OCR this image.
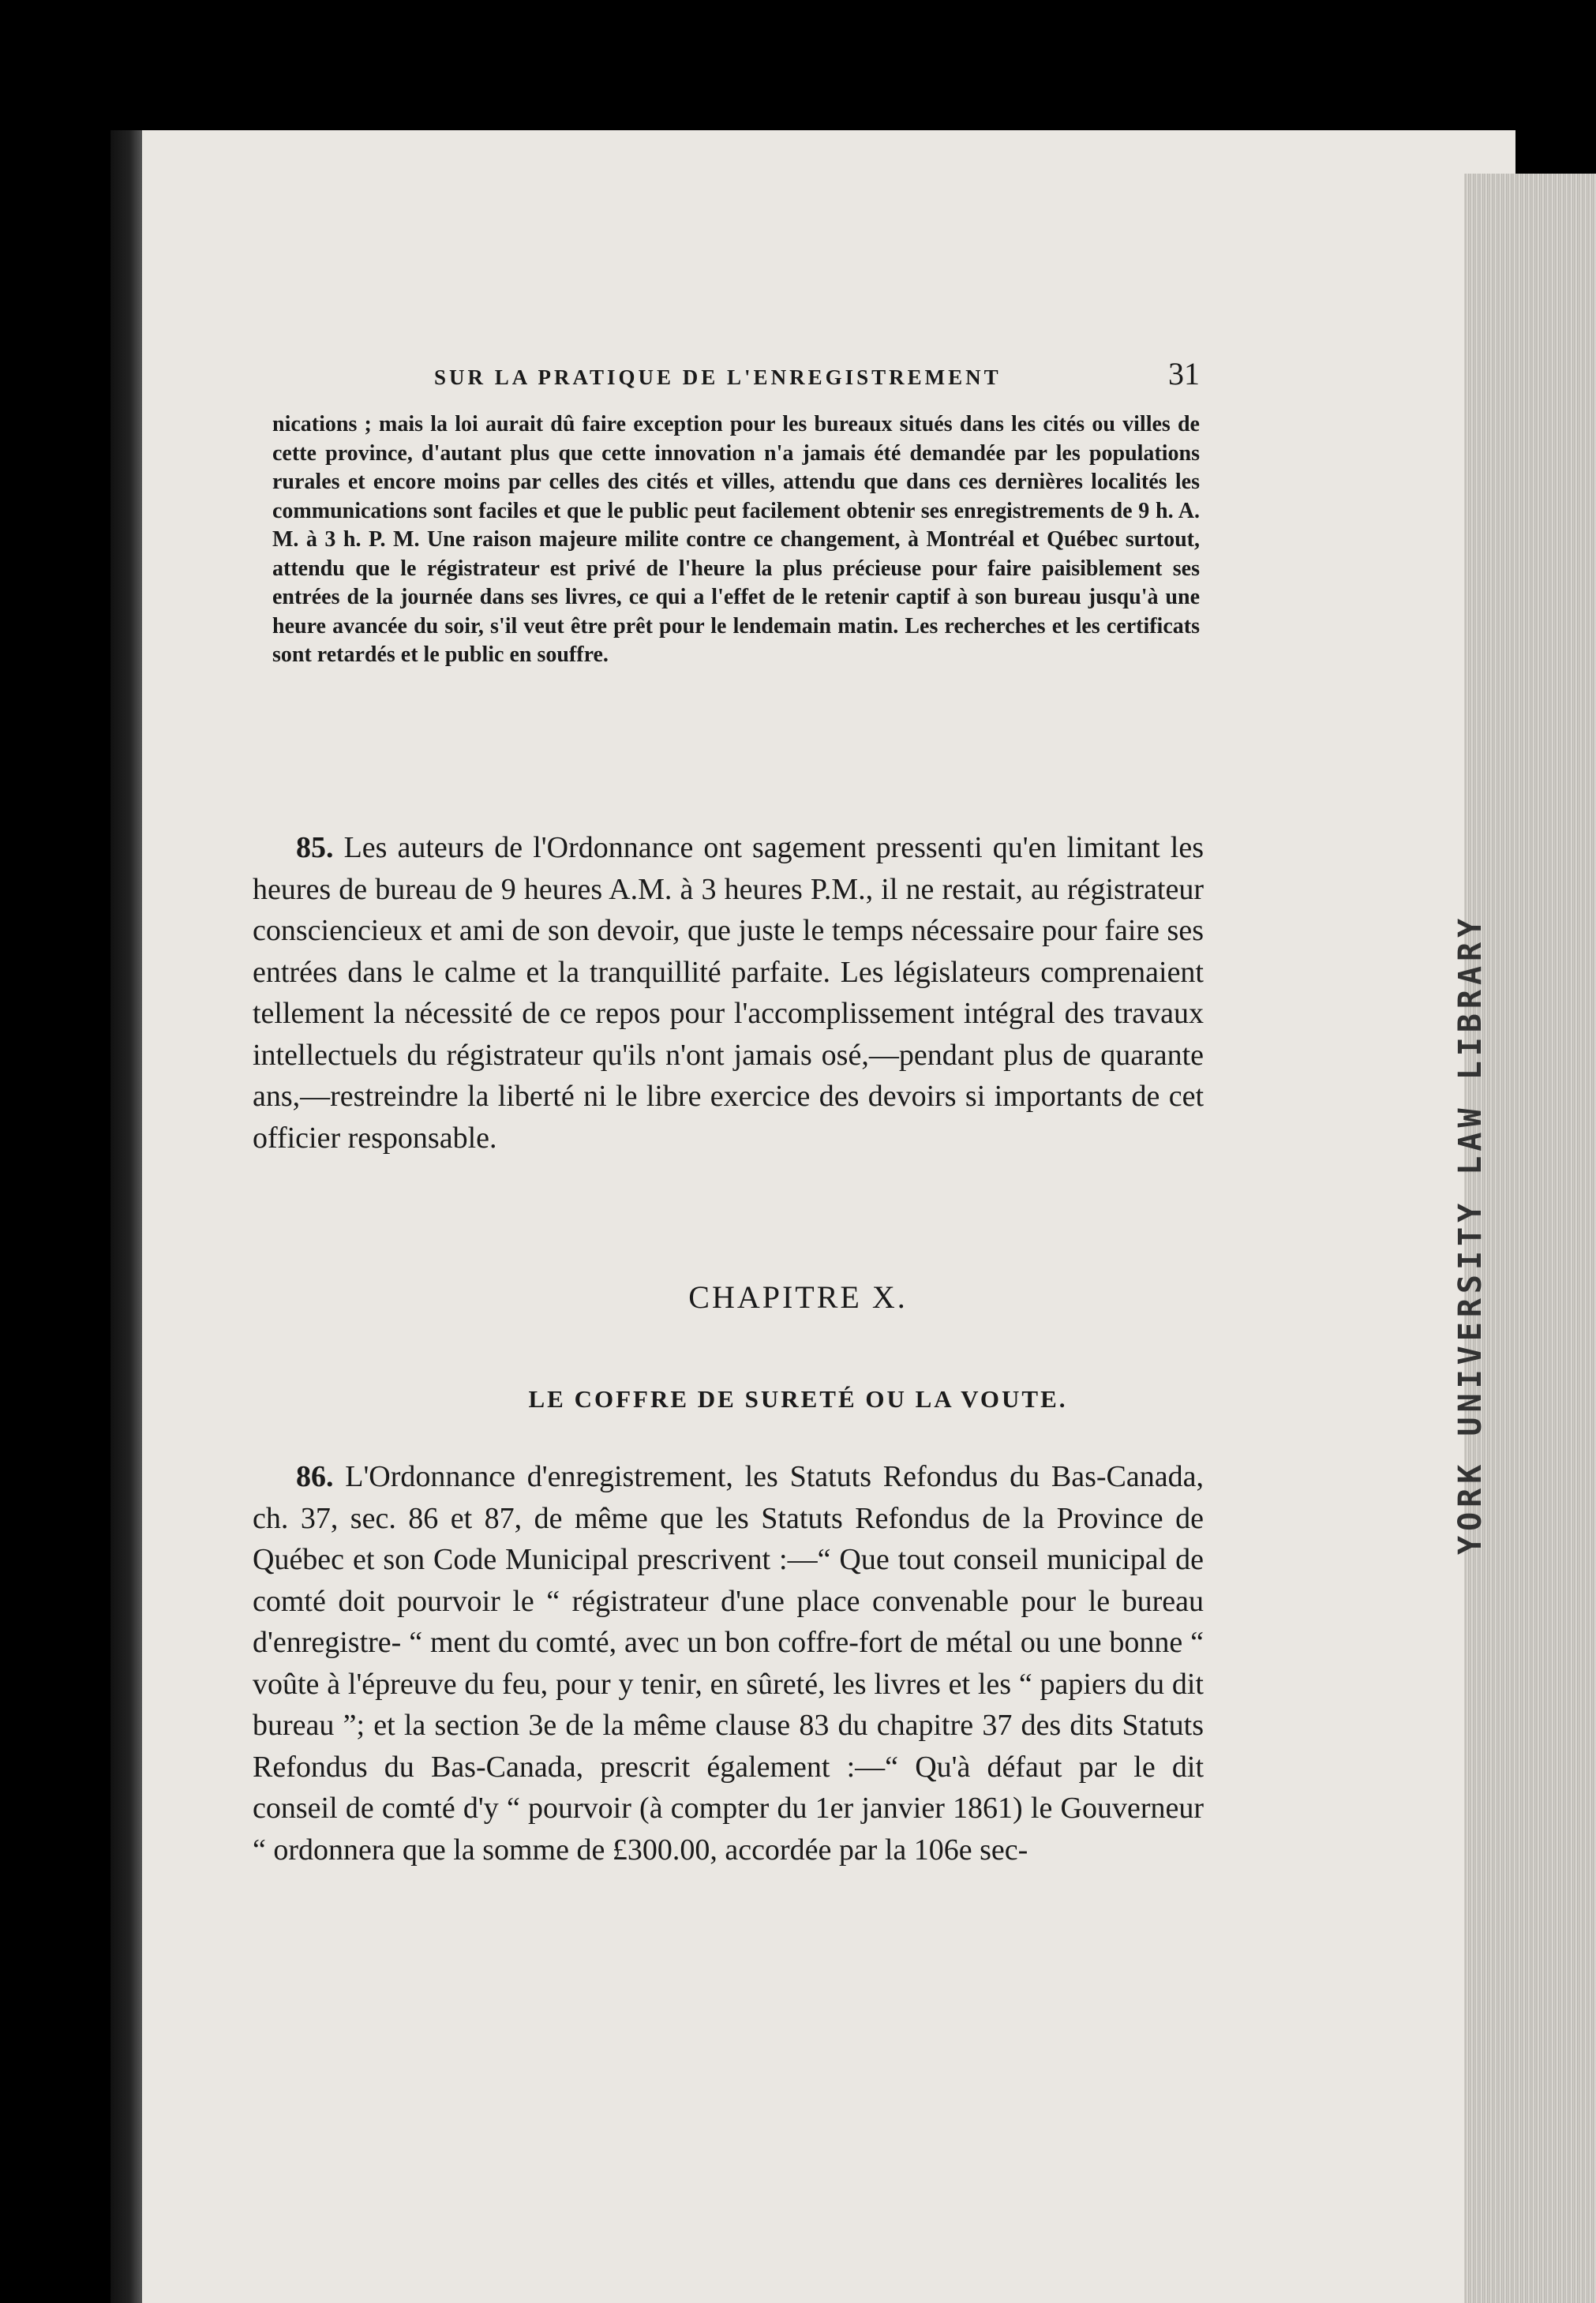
YORK UNIVERSITY LAW LIBRARY
SUR LA PRATIQUE DE L'ENREGISTREMENT	31

nications ; mais la loi aurait dû faire exception pour les bureaux situés dans les cités ou villes de cette province, d'autant plus que cette innovation n'a jamais été demandée par les populations rurales et encore moins par celles des cités et villes, attendu que dans ces dernières localités les communications sont faciles et que le public peut facilement obtenir ses enregistrements de 9 h. A. M. à 3 h. P. M. Une raison majeure milite contre ce changement, à Montréal et Québec surtout, attendu que le régistrateur est privé de l'heure la plus précieuse pour faire paisiblement ses entrées de la journée dans ses livres, ce qui a l'effet de le retenir captif à son bureau jusqu'à une heure avancée du soir, s'il veut être prêt pour le lendemain matin. Les recherches et les certificats sont retardés et le public en souffre.

85. Les auteurs de l'Ordonnance ont sagement pressenti qu'en limitant les heures de bureau de 9 heures A.M. à 3 heures P.M., il ne restait, au régistrateur consciencieux et ami de son devoir, que juste le temps nécessaire pour faire ses entrées dans le calme et la tranquillité parfaite. Les législateurs comprenaient tellement la nécessité de ce repos pour l'accomplissement intégral des travaux intellectuels du régistrateur qu'ils n'ont jamais osé,—pendant plus de quarante ans,—restreindre la liberté ni le libre exercice des devoirs si importants de cet officier responsable.

CHAPITRE X.
LE COFFRE DE SURETÉ OU LA VOUTE.

86. L'Ordonnance d'enregistrement, les Statuts Refondus du Bas-Canada, ch. 37, sec. 86 et 87, de même que les Statuts Refondus de la Province de Québec et son Code Municipal prescrivent :—“ Que tout conseil municipal de comté doit pourvoir le “ régistrateur d'une place convenable pour le bureau d'enregistre- “ ment du comté, avec un bon coffre-fort de métal ou une bonne “ voûte à l'épreuve du feu, pour y tenir, en sûreté, les livres et les “ papiers du dit bureau ”; et la section 3e de la même clause 83 du chapitre 37 des dits Statuts Refondus du Bas-Canada, prescrit également :—“ Qu'à défaut par le dit conseil de comté d'y “ pourvoir (à compter du 1er janvier 1861) le Gouverneur “ ordonnera que la somme de £300.00, accordée par la 106e sec-
